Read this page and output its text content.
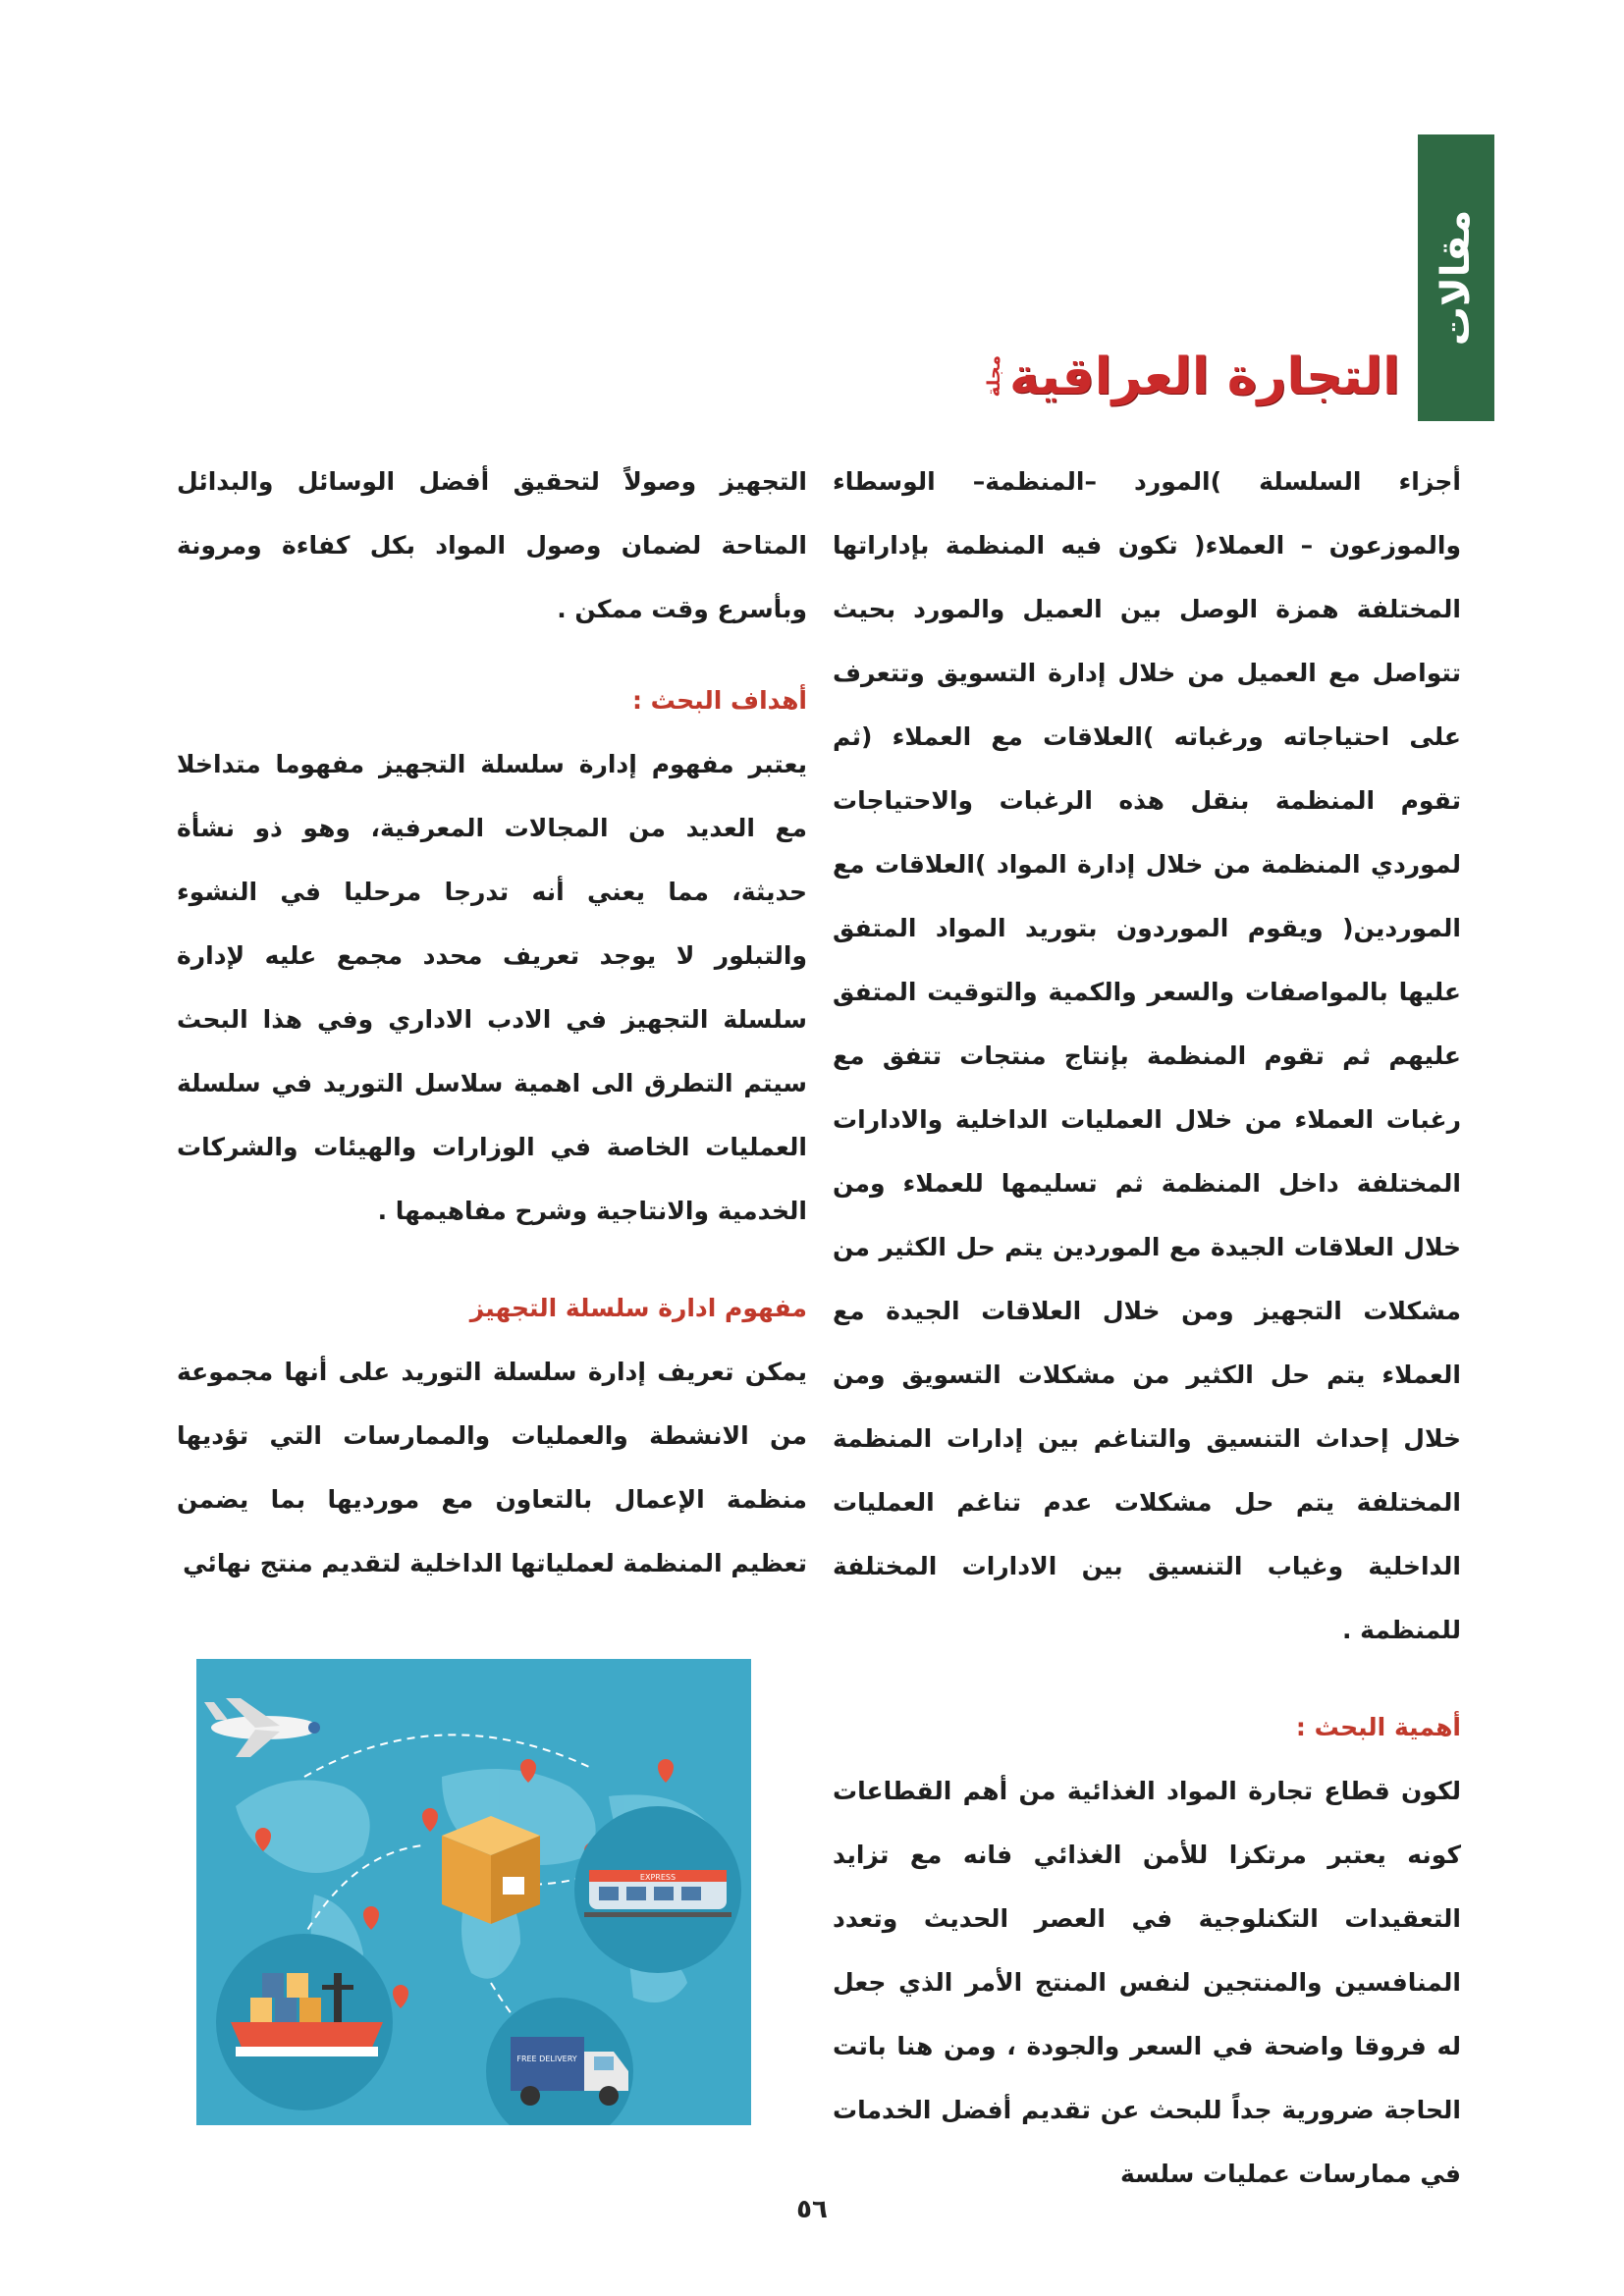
مقالات
التجارة العراقية
مجلة

أجزاء السلسلة )المورد –المنظمة– الوسطاء والموزعون – العملاء( تكون فيه المنظمة بإداراتها المختلفة همزة الوصل بين العميل والمورد بحيث تتواصل مع العميل من خلال إدارة التسويق وتتعرف على احتياجاته ورغباته )العلاقات مع العملاء (ثم تقوم المنظمة بنقل هذه الرغبات والاحتياجات لموردي المنظمة من خلال إدارة المواد )العلاقات مع الموردين( ويقوم الموردون بتوريد المواد المتفق عليها بالمواصفات والسعر والكمية والتوقيت المتفق عليهم ثم تقوم المنظمة بإنتاج منتجات تتفق مع رغبات العملاء من خلال العمليات الداخلية والادارات المختلفة داخل المنظمة ثم تسليمها للعملاء ومن خلال العلاقات الجيدة مع الموردين يتم حل الكثير من مشكلات التجهيز ومن خلال العلاقات الجيدة مع العملاء يتم حل الكثير من مشكلات التسويق ومن خلال إحداث التنسيق والتناغم بين إدارات المنظمة المختلفة يتم حل مشكلات عدم تناغم العمليات الداخلية وغياب التنسيق بين الادارات المختلفة للمنظمة .

أهمية البحث :

لكون قطاع تجارة المواد الغذائية من أهم القطاعات كونه يعتبر مرتكزا للأمن الغذائي فانه مع تزايد التعقيدات التكنلوجية في العصر الحديث وتعدد المنافسين والمنتجين لنفس المنتج الأمر الذي جعل له فروقا واضحة في السعر والجودة ، ومن هنا باتت الحاجة ضرورية جداً للبحث عن تقديم أفضل الخدمات في ممارسات عمليات سلسة

التجهيز وصولاً لتحقيق أفضل الوسائل والبدائل المتاحة لضمان وصول المواد بكل كفاءة ومرونة وبأسرع وقت ممكن .

أهداف البحث :

يعتبر مفهوم إدارة سلسلة التجهيز مفهوما متداخلا مع العديد من المجالات المعرفية، وهو ذو نشأة حديثة، مما يعني أنه تدرجا مرحليا في النشوء والتبلور لا يوجد تعريف محدد مجمع عليه لإدارة سلسلة التجهيز في الادب الاداري وفي هذا البحث سيتم التطرق الى اهمية سلاسل التوريد في سلسلة العمليات الخاصة في الوزارات والهيئات والشركات الخدمية والانتاجية وشرح مفاهيمها .

مفهوم ادارة سلسلة التجهيز

يمكن تعريف إدارة سلسلة التوريد على أنها مجموعة من الانشطة والعمليات والممارسات التي تؤديها منظمة الإعمال بالتعاون مع مورديها بما يضمن تعظيم المنظمة لعملياتها الداخلية لتقديم منتج نهائي

EXPRESS
FREE DELIVERY
٥٦
